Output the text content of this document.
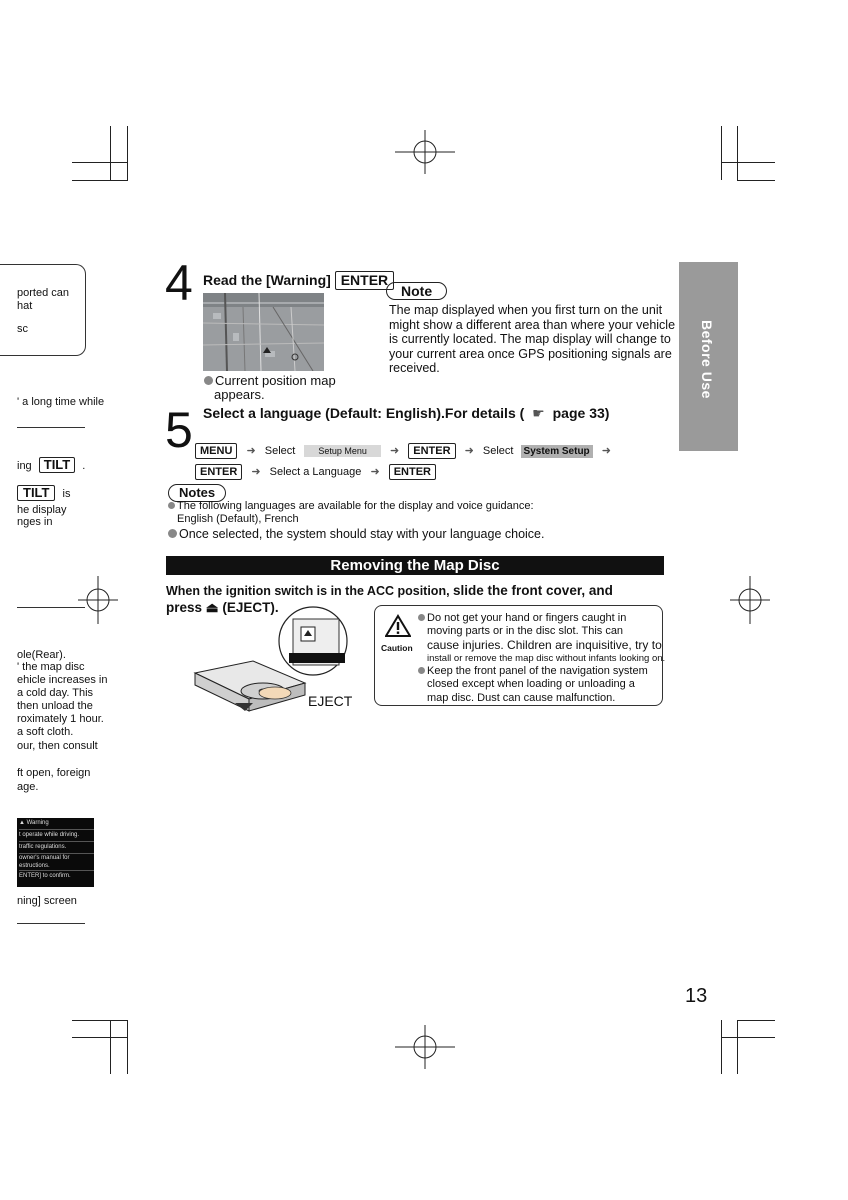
ported can
hat
sc
' a long time while
ing TILT .
TILT is
he display
nges in
ole(Rear).
' the map disc
ehicle increases in
a cold day. This
then unload the
roximately 1 hour.
a soft cloth.
our, then consult
ft open, foreign
age.
▲ Warning
t operate while driving.
traffic regulations.
owner's manual for
estructions.
ENTER] to confirm.
ning] screen
Before Use
4 Read the [Warning] ENTER
Current position map
appears.
Note
The map displayed when you first turn on the unit
might show a different area than where your vehicle
is currently located. The map display will change to
your current area once GPS positioning signals are
received.
5 Select a language (Default: English).For details ( ☛ page 33)
MENU ➜ Select	Setup Menu ➜ ENTER ➜ Select System Setup ➜
ENTER ➜ Select a Language ➜ ENTER
Notes
The following languages are available for the display and voice guidance:
English (Default), French
Once selected, the system should stay with your language choice.
Removing the Map Disc
When the ignition switch is in the ACC position, slide the front cover, and
press ⏏ (EJECT).
EJECT
Caution
Do not get your hand or fingers caught in
moving parts or in the disc slot. This can
cause injuries. Children are inquisitive, try to
install or remove the map disc without infants looking on.
Keep the front panel of the navigation system
closed except when loading or unloading a
map disc. Dust can cause malfunction.
13
